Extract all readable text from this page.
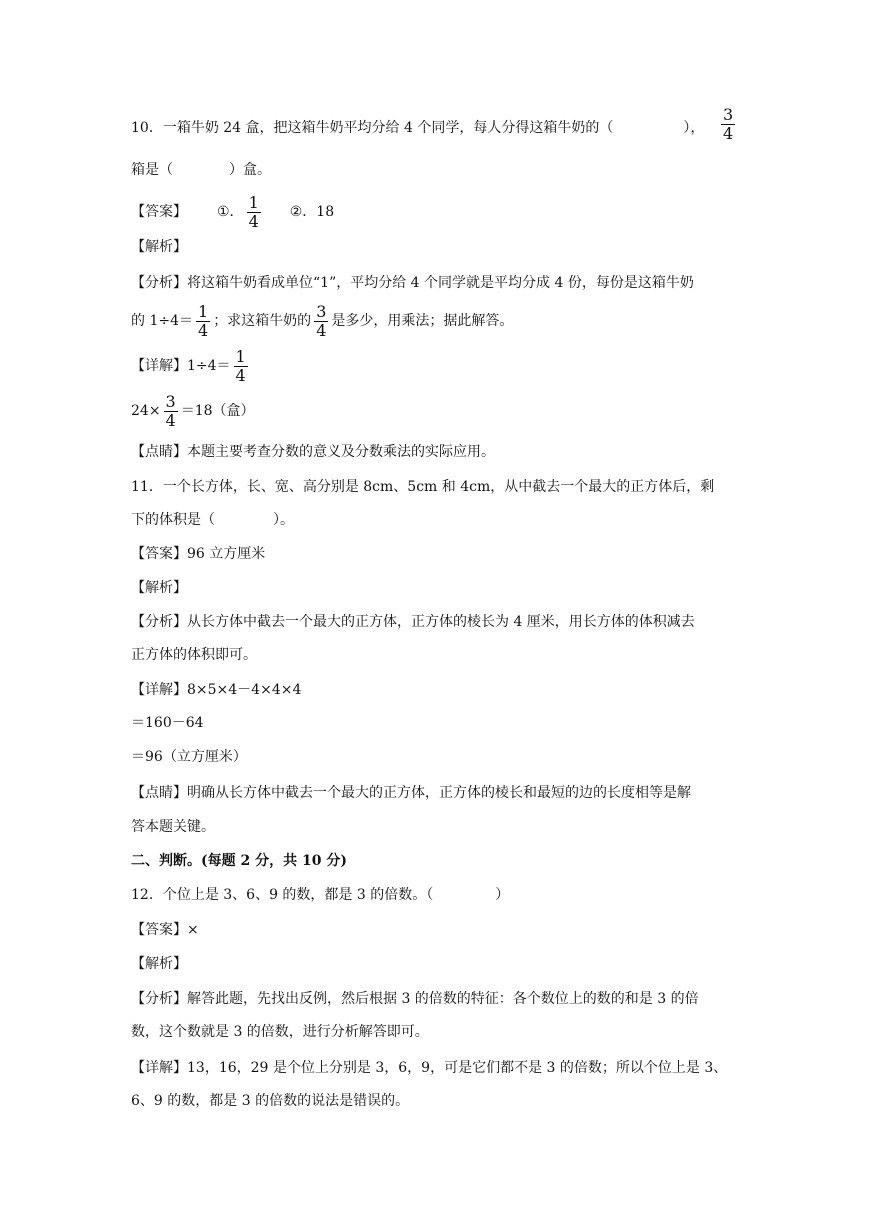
10．一箱牛奶 24 盒，把这箱牛奶平均分给 4 个同学，每人分得这箱牛奶的（	），
3
4
箱是（	）盒。
【答案】 ①． $\frac{1}{4}$ ②．18
【解析】
【分析】将这箱牛奶看成单位“1”，平均分给 4 个同学就是平均分成 4 份，每份是这箱牛奶
的 $1\div 4= \frac{1}{4}$ ；求这箱牛奶的 $\frac{3}{4}$ 是多少，用乘法；据此解答。
【详解】$1\div 4= \frac{1}{4}$
$24\times \frac{3}{4} =18$（盒）
【点睛】本题主要考查分数的意义及分数乘法的实际应用。
11．一个长方体，长、宽、高分别是 8cm、5cm 和 4cm，从中截去一个最大的正方体后，剩
下的体积是（	）。
【答案】96 立方厘米
【解析】
【分析】从长方体中截去一个最大的正方体，正方体的棱长为 4 厘米，用长方体的体积减去
正方体的体积即可。
【详解】8×5×4－4×4×4
＝160－64
＝96（立方厘米）
【点睛】明确从长方体中截去一个最大的正方体，正方体的棱长和最短的边的长度相等是解
答本题关键。
二、判断。(每题 2 分，共 10 分)
12．个位上是 3、6、9 的数，都是 3 的倍数。（	）
【答案】×
【解析】
【分析】解答此题，先找出反例，然后根据 3 的倍数的特征：各个数位上的数的和是 3 的倍
数，这个数就是 3 的倍数，进行分析解答即可。
【详解】13，16，29 是个位上分别是 3，6，9，可是它们都不是 3 的倍数；所以个位上是 3、
6、9 的数，都是 3 的倍数的说法是错误的。
